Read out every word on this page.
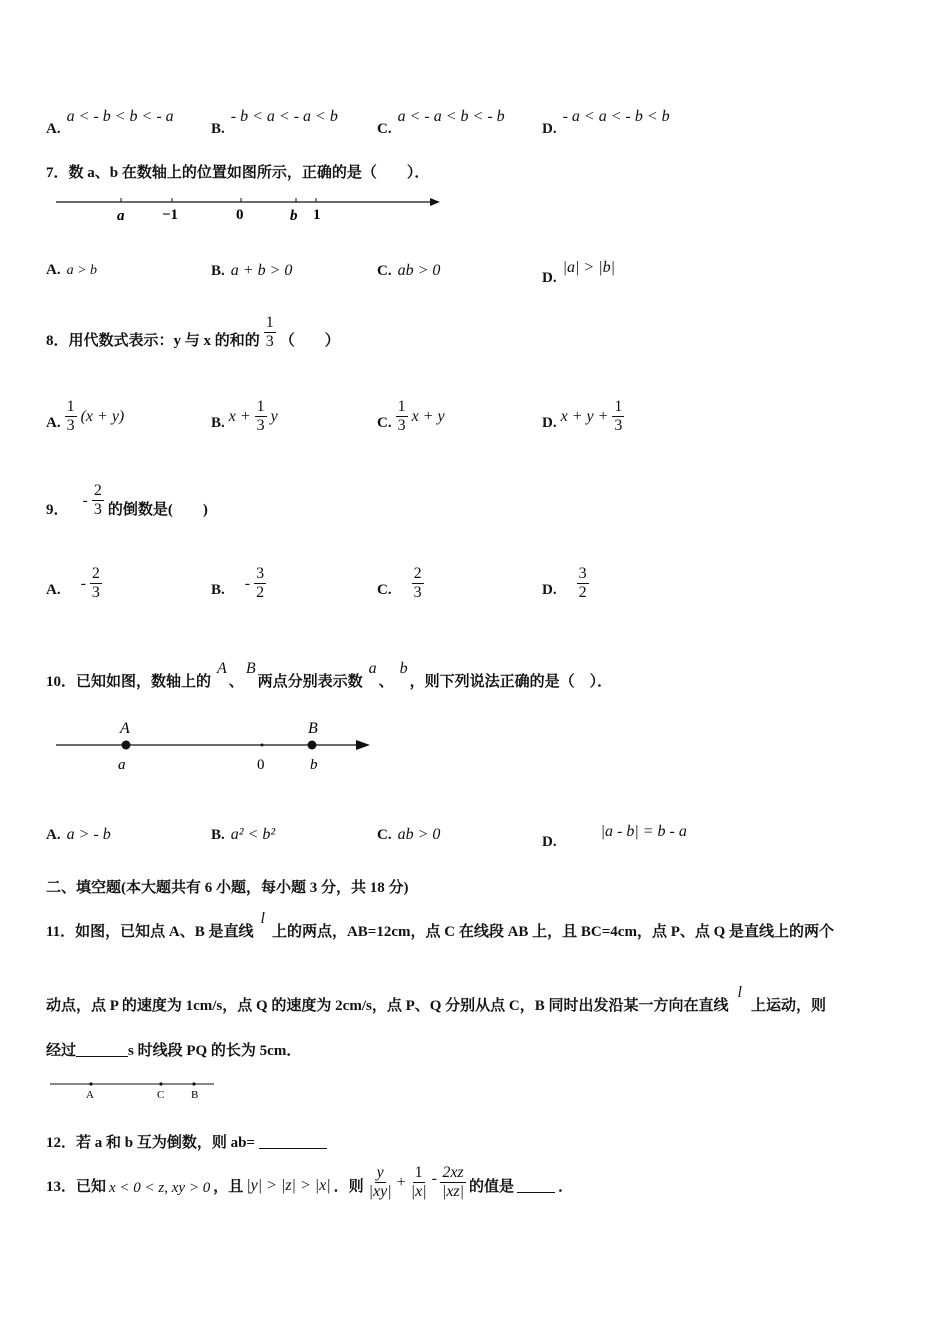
A.
a < - b < b < - a
B.
- b < a < - a < b
C.
a < - a < b < - b
D.
- a < a < - b < b
7．数 a、b 在数轴上的位置如图所示，正确的是（　　）．
a	−1	0	b 1
A. a > b	B. a + b > 0	C. ab > 0	D.
|a| > |b|
8．用代数式表示：y 与 x 的和的 $\frac{1}{3}$ （　　）
A. $\frac{1}{3} (x + y)$	B. $x + \frac{1}{3}$ y	C. $\frac{1}{3}$ x + y	D. $x + y + \frac{1}{3}$
9．
- $\frac{2}{3}$ 的倒数是(　　)
A. - $\frac{2}{3}$	B. - $\frac{3}{2}$	C. $\frac{2}{3}$	D. $\frac{3}{2}$
10．已知如图，数轴上的
A
、
B
两点分别表示数
a
、
b
，则下列说法正确的是（　）．
A	B
a	0	b
A. a > - b	B. a² < b²	C. ab > 0	D.
|a - b| = b - a
二、填空题(本大题共有 6 小题，每小题 3 分，共 18 分)
11．如图，已知点 A、B 是直线
l
上的两点，AB=12cm，点 C 在线段 AB 上，且 BC=4cm，点 P、点 Q 是直线上的两个
动点，点 P 的速度为 1cm/s，点 Q 的速度为 2cm/s，点 P、Q 分别从点 C，B 同时出发沿某一方向在直线
l
上运动，则
经过	s 时线段 PQ 的长为 5cm．
A	C B
12．若 a 和 b 互为倒数，则 ab=
13．已知 x < 0 < z, xy > 0 ，且 |y| > |z| > |x| ．则 $\frac{y}{|xy|} + \frac{1}{|x|} - \frac{2xz}{|xz|}$ 的值是	．
